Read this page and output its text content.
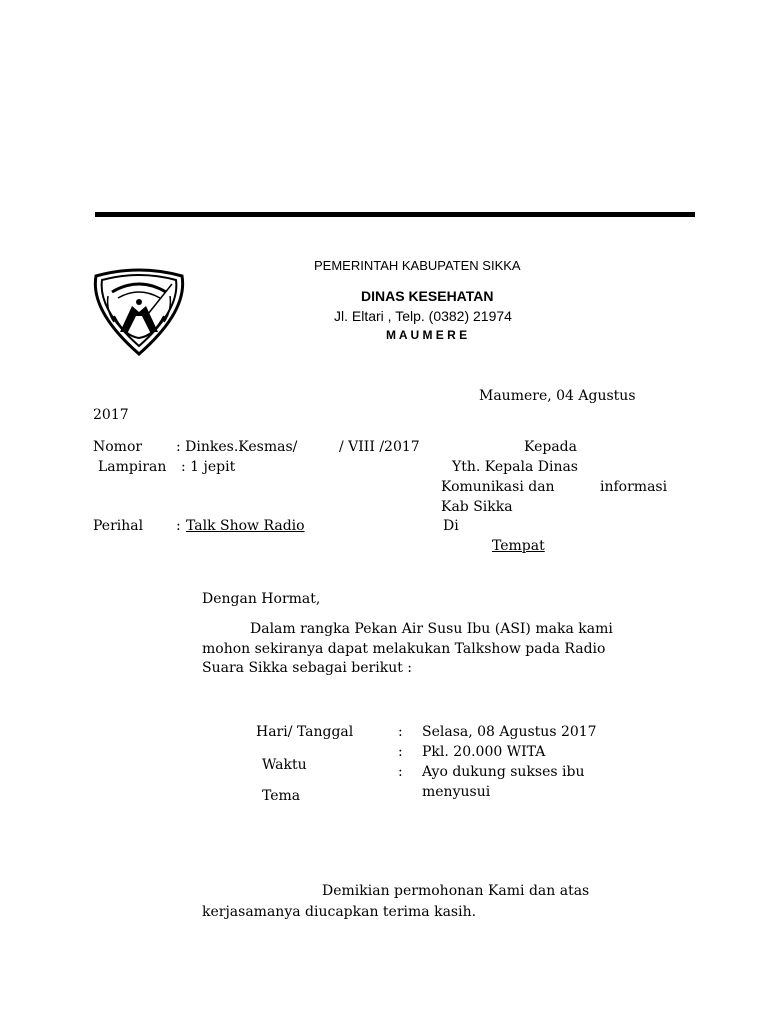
PEMERINTAH KABUPATEN SIKKA
DINAS KESEHATAN
Jl. Eltari , Telp. (0382) 21974
M A U M E R E
Maumere, 04 Agustus
2017
Nomor : Dinkes.Kesmas/	/ VIII /2017
Lampiran : 1 jepit
Perihal : Talk Show Radio
Kepada
Yth. Kepala Dinas
Komunikasi dan	informasi
Kab Sikka
Di
Tempat
Dengan Hormat,
Dalam rangka Pekan Air Susu Ibu (ASI) maka kami
mohon sekiranya dapat melakukan Talkshow pada Radio
Suara Sikka sebagai berikut :
Hari/ Tanggal
Waktu
Tema
:
:
:
Selasa, 08 Agustus 2017
Pkl. 20.000 WITA
Ayo dukung sukses ibu
menyusui
Demikian permohonan Kami dan atas
kerjasamanya diucapkan terima kasih.
